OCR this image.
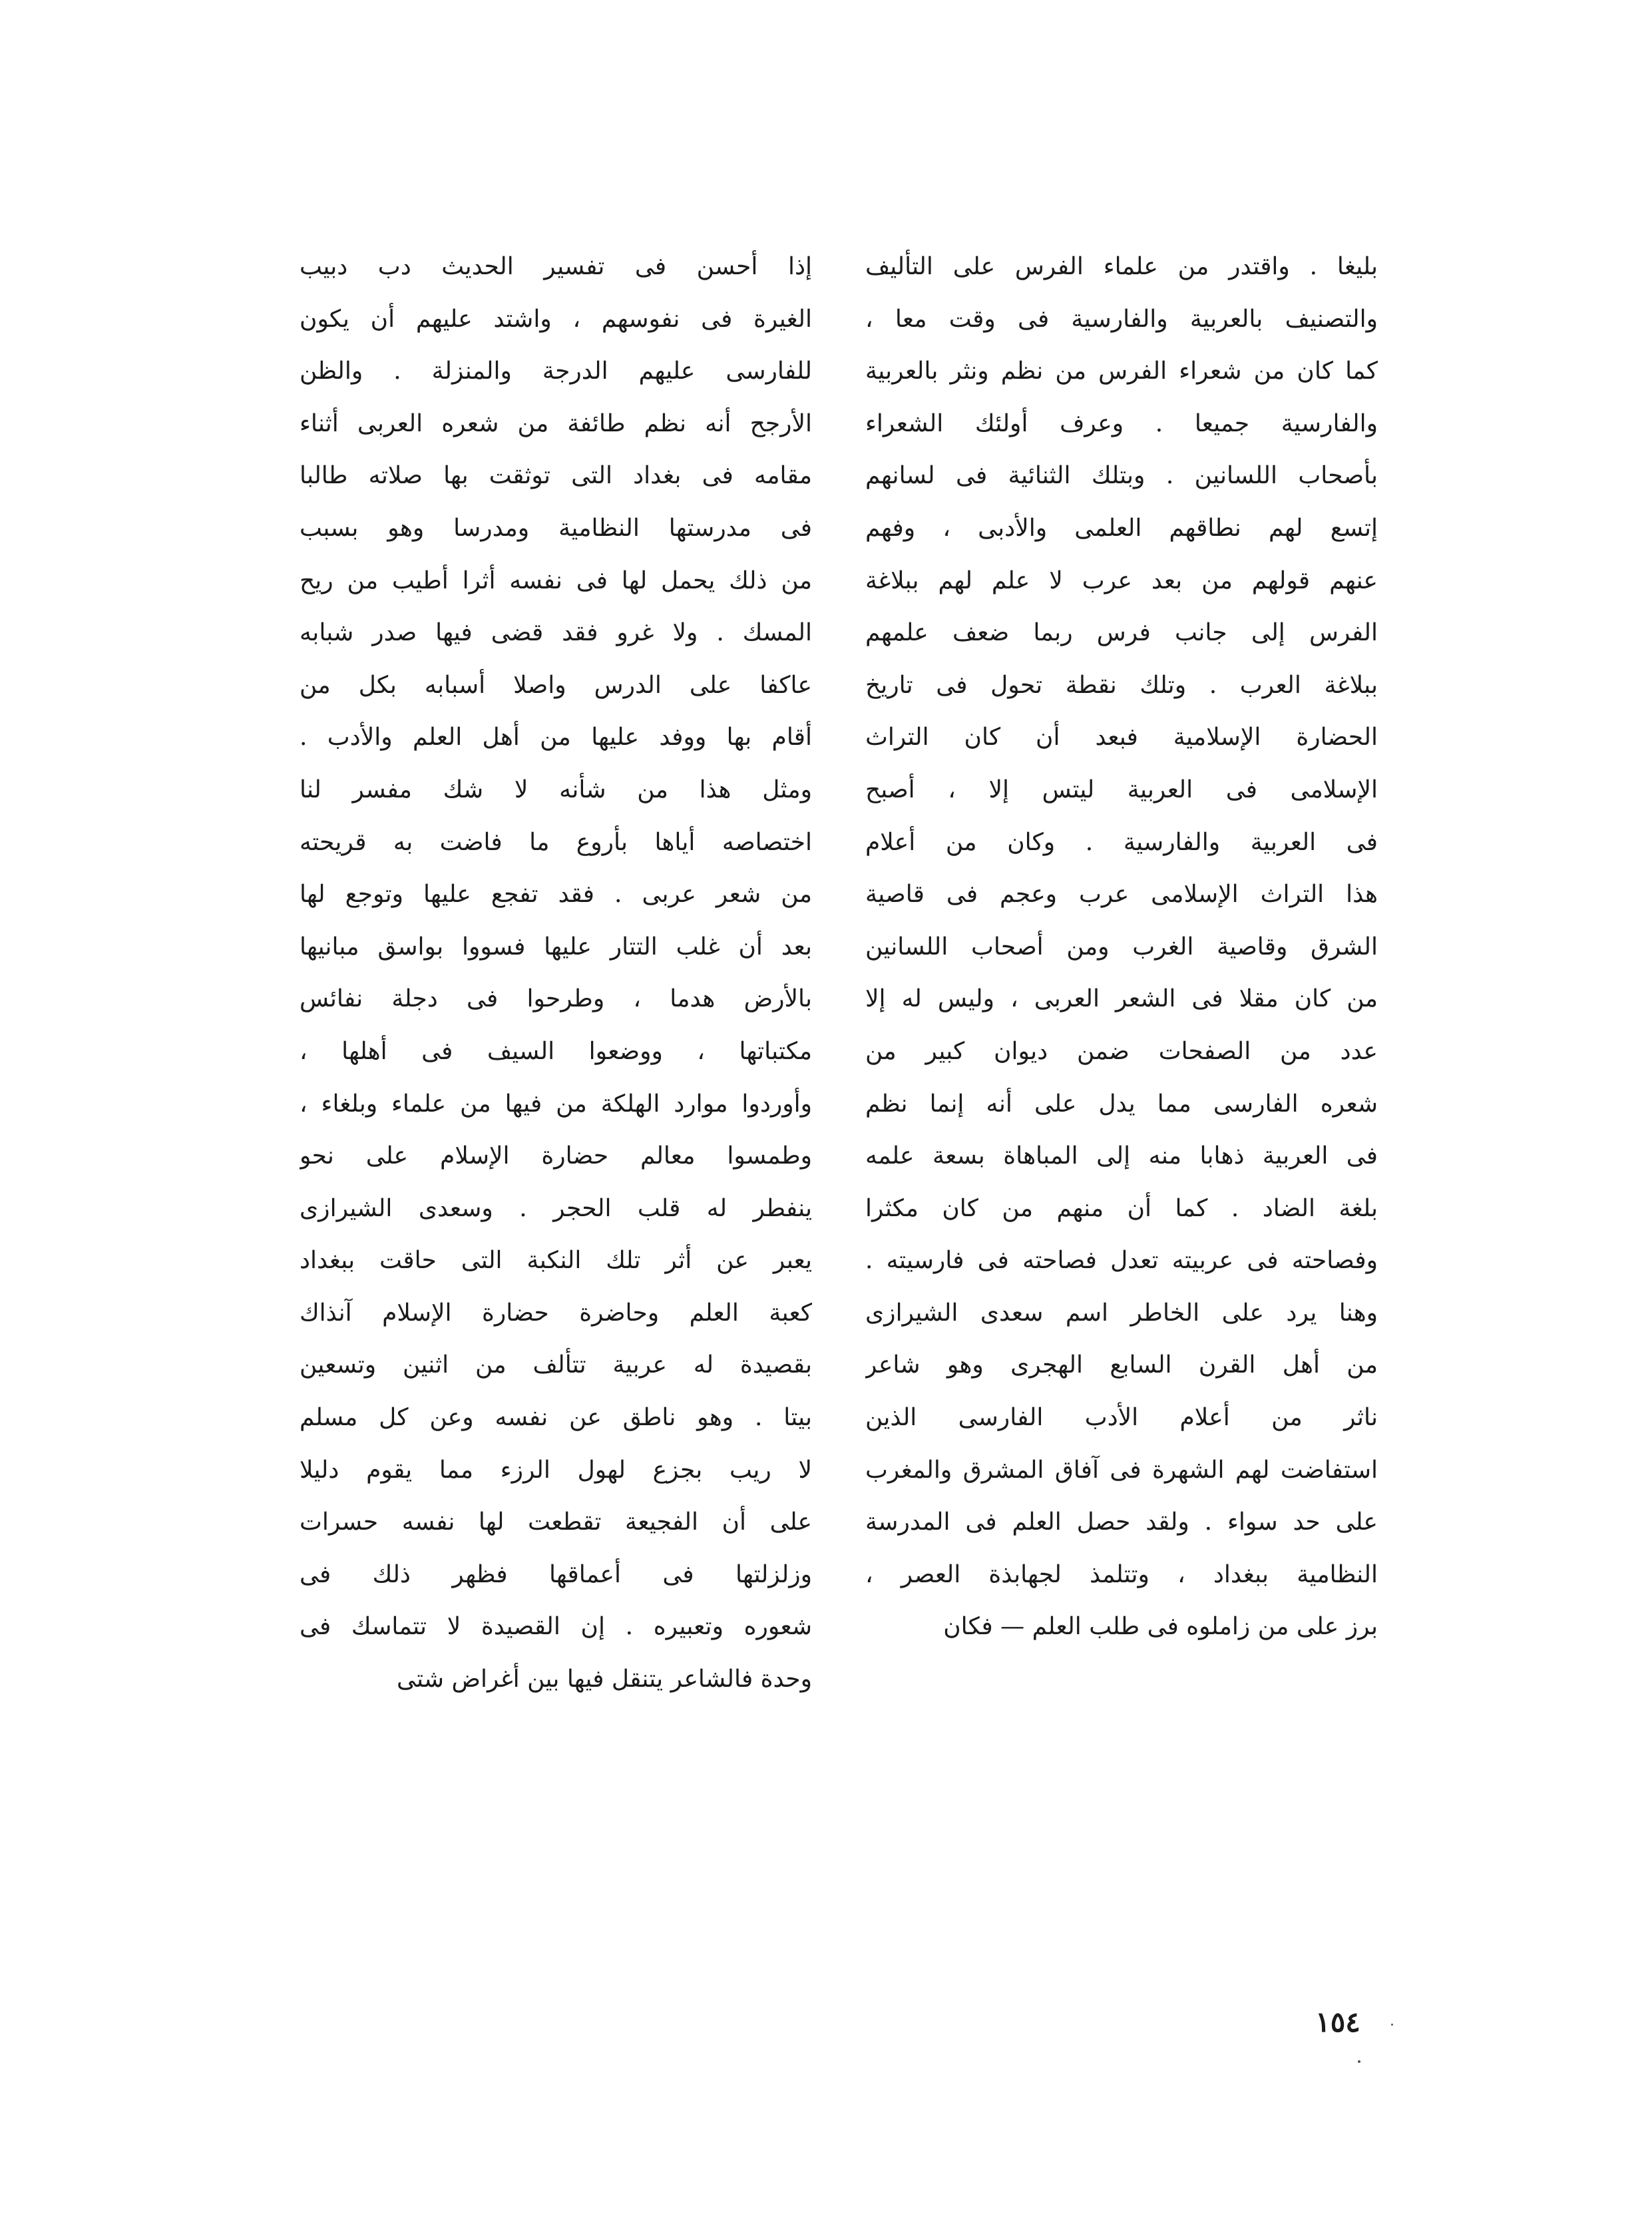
بليغا . واقتدر من علماء الفرس على التأليف
والتصنيف بالعربية والفارسية فى وقت معا ،
كما كان من شعراء الفرس من نظم ونثر بالعربية
والفارسية جميعا . وعرف أولئك الشعراء
بأصحاب اللسانين . وبتلك الثنائية فى لسانهم
إتسع لهم نطاقهم العلمى والأدبى ، وفهم
عنهم قولهم من بعد عرب لا علم لهم ببلاغة
الفرس إلى جانب فرس ربما ضعف علمهم
ببلاغة العرب . وتلك نقطة تحول فى تاريخ
الحضارة الإسلامية فبعد أن كان التراث
الإسلامى فى العربية ليتس إلا ، أصبح
فى العربية والفارسية . وكان من أعلام
هذا التراث الإسلامى عرب وعجم فى قاصية
الشرق وقاصية الغرب ومن أصحاب اللسانين
من كان مقلا فى الشعر العربى ، وليس له إلا
عدد من الصفحات ضمن ديوان كبير من
شعره الفارسى مما يدل على أنه إنما نظم
فى العربية ذهابا منه إلى المباهاة بسعة علمه
بلغة الضاد . كما أن منهم من كان مكثرا
وفصاحته فى عربيته تعدل فصاحته فى فارسيته .
وهنا يرد على الخاطر اسم سعدى الشيرازى
من أهل القرن السابع الهجرى وهو شاعر
ناثر من أعلام الأدب الفارسى الذين
استفاضت لهم الشهرة فى آفاق المشرق والمغرب
على حد سواء . ولقد حصل العلم فى المدرسة
النظامية ببغداد ، وتتلمذ لجهابذة العصر ،
برز على من زاملوه فى طلب العلم — فكان
إذا أحسن فى تفسير الحديث دب دبيب
الغيرة فى نفوسهم ، واشتد عليهم أن يكون
للفارسى عليهم الدرجة والمنزلة . والظن
الأرجح أنه نظم طائفة من شعره العربى أثناء
مقامه فى بغداد التى توثقت بها صلاته طالبا
فى مدرستها النظامية ومدرسا وهو بسبب
من ذلك يحمل لها فى نفسه أثرا أطيب من ريح
المسك . ولا غرو فقد قضى فيها صدر شبابه
عاكفا على الدرس واصلا أسبابه بكل من
أقام بها ووفد عليها من أهل العلم والأدب .
ومثل هذا من شأنه لا شك مفسر لنا
اختصاصه أياها بأروع ما فاضت به قريحته
من شعر عربى . فقد تفجع عليها وتوجع لها
بعد أن غلب التتار عليها فسووا بواسق مبانيها
بالأرض هدما ، وطرحوا فى دجلة نفائس
مكتباتها ، ووضعوا السيف فى أهلها ،
وأوردوا موارد الهلكة من فيها من علماء وبلغاء ،
وطمسوا معالم حضارة الإسلام على نحو
ينفطر له قلب الحجر . وسعدى الشيرازى
يعبر عن أثر تلك النكبة التى حاقت ببغداد
كعبة العلم وحاضرة حضارة الإسلام آنذاك
بقصيدة له عربية تتألف من اثنين وتسعين
بيتا . وهو ناطق عن نفسه وعن كل مسلم
لا ريب بجزع لهول الرزء مما يقوم دليلا
على أن الفجيعة تقطعت لها نفسه حسرات
وزلزلتها فى أعماقها فظهر ذلك فى
شعوره وتعبيره . إن القصيدة لا تتماسك فى
وحدة فالشاعر يتنقل فيها بين أغراض شتى
١٥٤
